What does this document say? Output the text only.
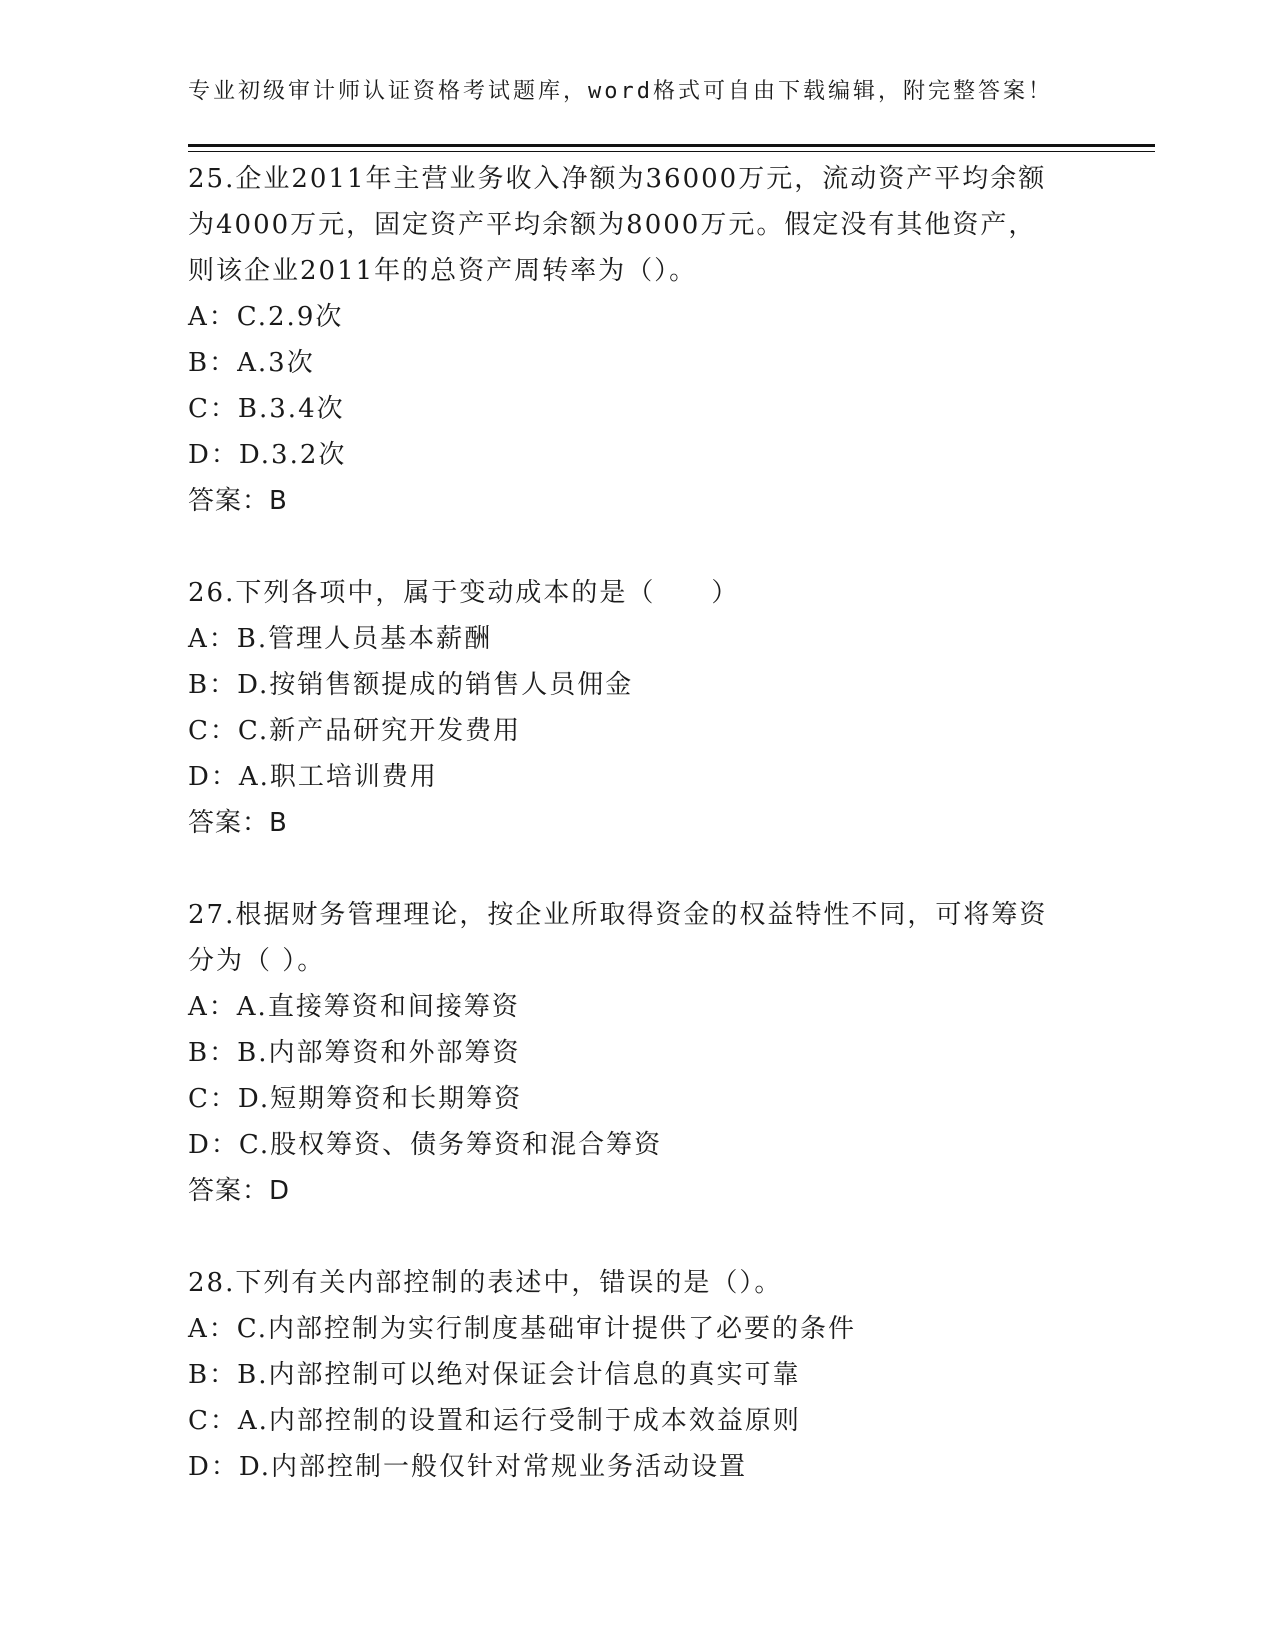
专业初级审计师认证资格考试题库，word格式可自由下载编辑，附完整答案！

25.企业2011年主营业务收入净额为36000万元，流动资产平均余额

为4000万元，固定资产平均余额为8000万元。假定没有其他资产，

则该企业2011年的总资产周转率为（）。

A：C.2.9次

B：A.3次

C：B.3.4次

D：D.3.2次

答案：B

26.下列各项中，属于变动成本的是（　　）

A：B.管理人员基本薪酬

B：D.按销售额提成的销售人员佣金

C：C.新产品研究开发费用

D：A.职工培训费用

答案：B

27.根据财务管理理论，按企业所取得资金的权益特性不同，可将筹资

分为（ ）。

A：A.直接筹资和间接筹资

B：B.内部筹资和外部筹资

C：D.短期筹资和长期筹资

D：C.股权筹资、债务筹资和混合筹资

答案：D

28.下列有关内部控制的表述中，错误的是（）。

A：C.内部控制为实行制度基础审计提供了必要的条件

B：B.内部控制可以绝对保证会计信息的真实可靠

C：A.内部控制的设置和运行受制于成本效益原则

D：D.内部控制一般仅针对常规业务活动设置
